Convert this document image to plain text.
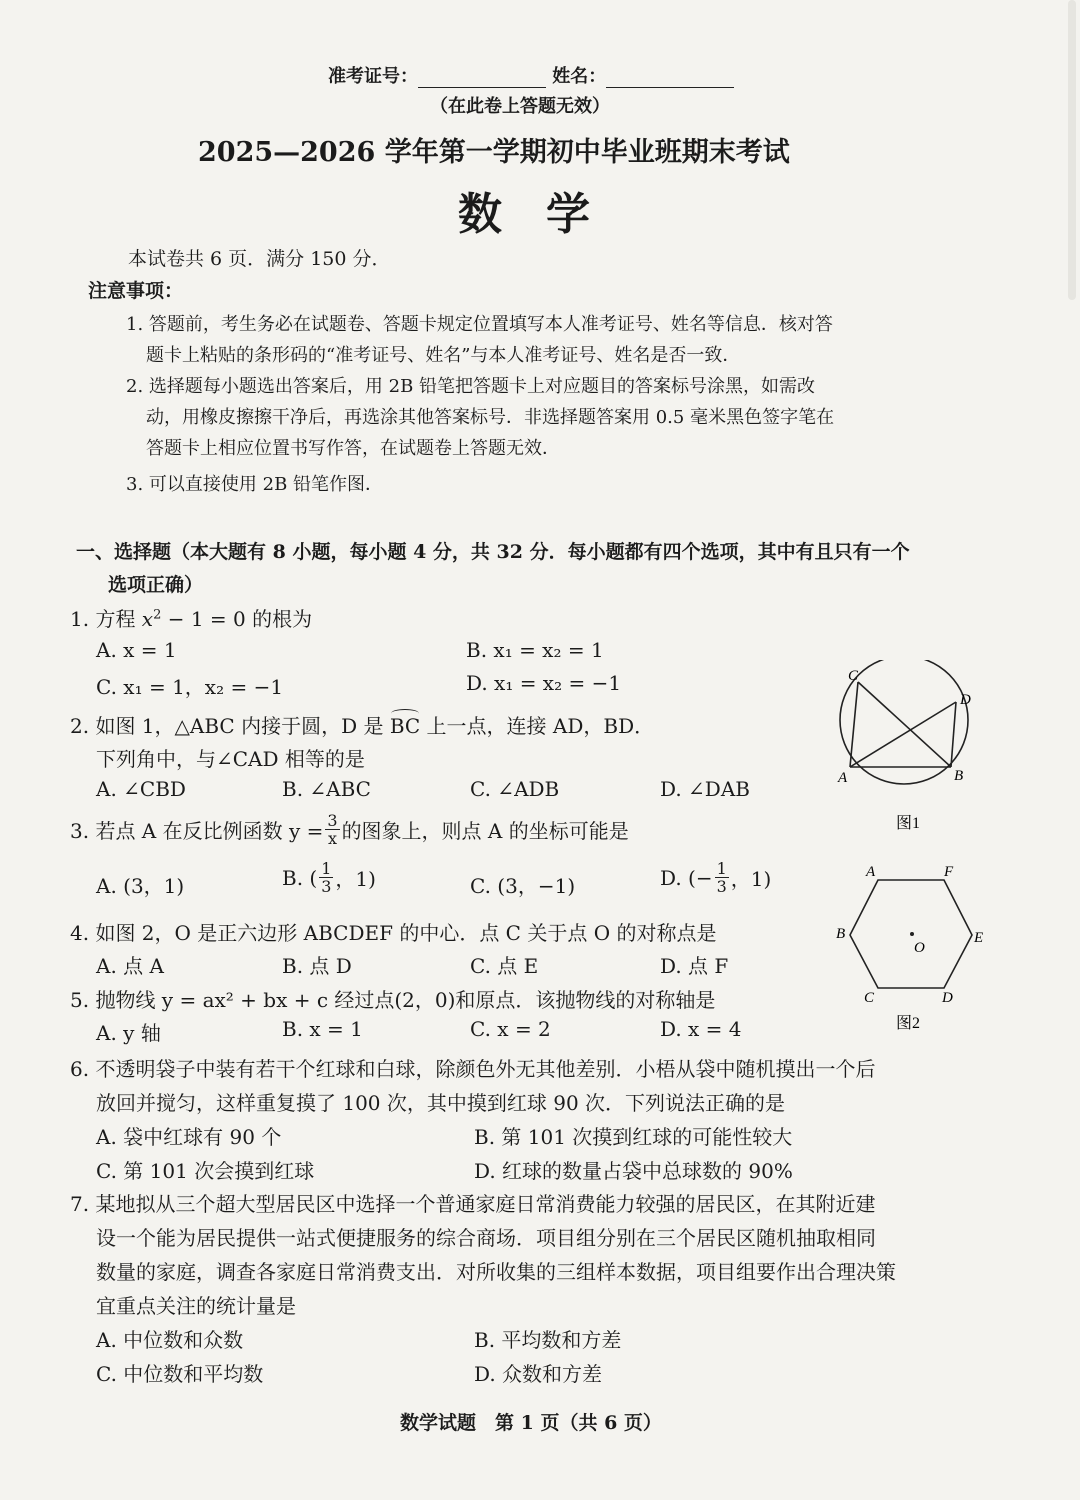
准考证号：	姓名：
（在此卷上答题无效）
2025—2026 学年第一学期初中毕业班期末考试
数　学
本试卷共 6 页．满分 150 分．
注意事项：
1. 答题前，考生务必在试题卷、答题卡规定位置填写本人准考证号、姓名等信息．核对答
题卡上粘贴的条形码的“准考证号、姓名”与本人准考证号、姓名是否一致．
2. 选择题每小题选出答案后，用 2B 铅笔把答题卡上对应题目的答案标号涂黑，如需改
动，用橡皮擦擦干净后，再选涂其他答案标号．非选择题答案用 0.5 毫米黑色签字笔在
答题卡上相应位置书写作答，在试题卷上答题无效．
3. 可以直接使用 2B 铅笔作图．
一、选择题（本大题有 8 小题，每小题 4 分，共 32 分．每小题都有四个选项，其中有且只有一个
选项正确）
1. 方程 $x^2 - 1 = 0$ 的根为
A. x = 1	B. x₁ = x₂ = 1
C. x₁ = 1，x₂ = −1	D. x₁ = x₂ = −1
2. 如图 1，△ABC 内接于圆，D 是 BC 上一点，连接 AD，BD．
下列角中，与∠CAD 相等的是
A. ∠CBD	B. ∠ABC	C. ∠ADB	D. ∠DAB
3. 若点 A 在反比例函数 $y = \frac{3}{x}$ 的图象上，则点 A 的坐标可能是
A. (3，1)	B. ( $\frac{1}{3}$ ，1)	C. (3，−1)	D. (− $\frac{1}{3}$ ，1)
4. 如图 2，O 是正六边形 ABCDEF 的中心．点 C 关于点 O 的对称点是
A. 点 A	B. 点 D	C. 点 E	D. 点 F
5. 抛物线 y = ax² + bx + c 经过点(2，0)和原点．该抛物线的对称轴是
A. y 轴	B. x = 1	C. x = 2	D. x = 4
6. 不透明袋子中装有若干个红球和白球，除颜色外无其他差别．小梧从袋中随机摸出一个后
放回并搅匀，这样重复摸了 100 次，其中摸到红球 90 次．下列说法正确的是
A. 袋中红球有 90 个	B. 第 101 次摸到红球的可能性较大
C. 第 101 次会摸到红球	D. 红球的数量占袋中总球数的 90%
7. 某地拟从三个超大型居民区中选择一个普通家庭日常消费能力较强的居民区，在其附近建
设一个能为居民提供一站式便捷服务的综合商场．项目组分别在三个居民区随机抽取相同
数量的家庭，调查各家庭日常消费支出．对所收集的三组样本数据，项目组要作出合理决策
宜重点关注的统计量是
A. 中位数和众数	B. 平均数和方差
C. 中位数和平均数	D. 众数和方差
C
D
A	B
图1
A	F
B	E
O
C	D
图2
数学试题　第 1 页（共 6 页）
